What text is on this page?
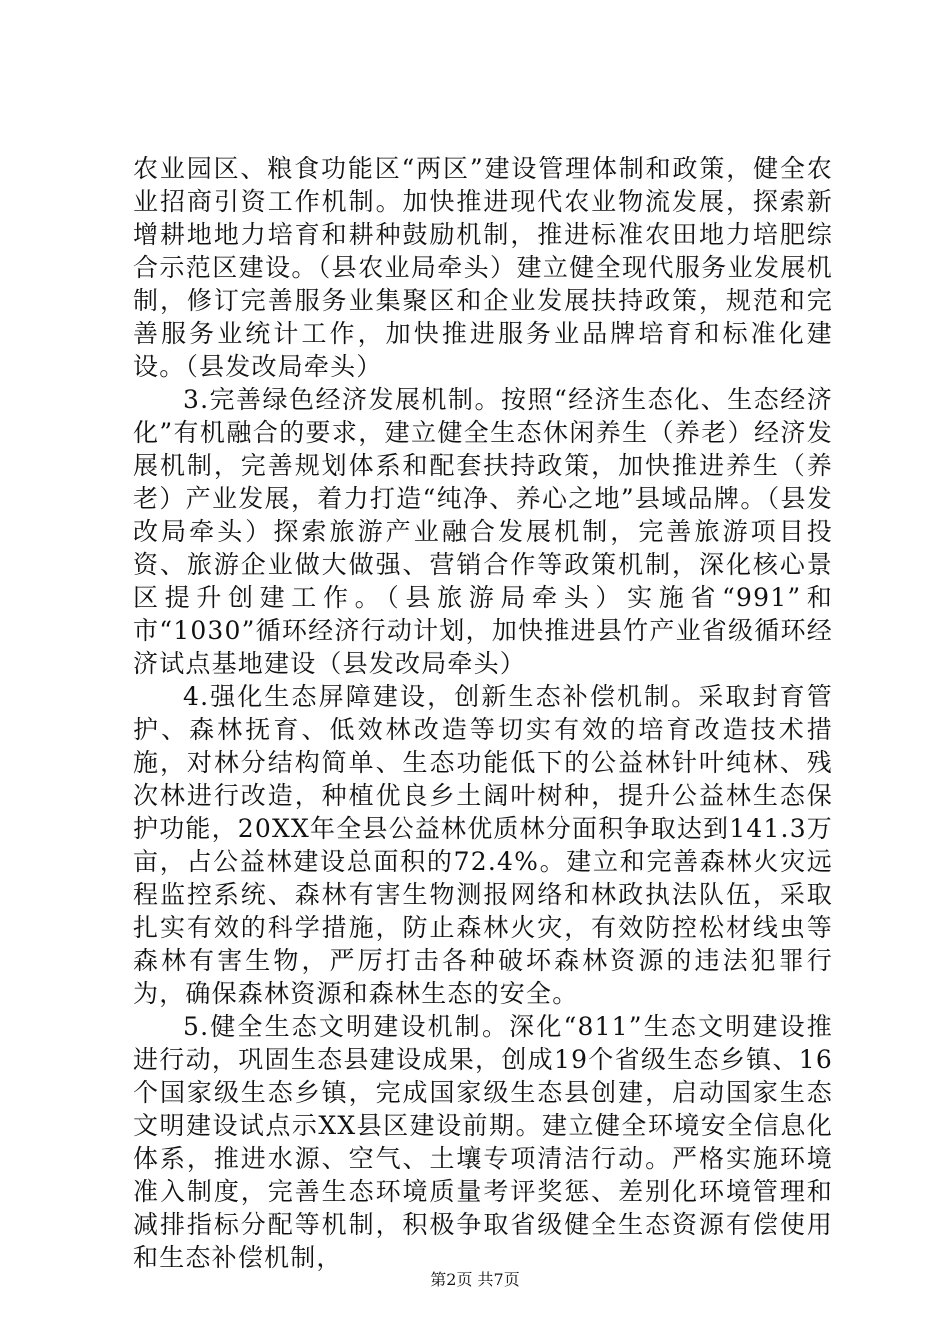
农业园区、粮食功能区“两区”建设管理体制和政策，健全农业招商引资工作机制。加快推进现代农业物流发展，探索新增耕地地力培育和耕种鼓励机制，推进标准农田地力培肥综合示范区建设。（县农业局牵头）建立健全现代服务业发展机制，修订完善服务业集聚区和企业发展扶持政策，规范和完善服务业统计工作，加快推进服务业品牌培育和标准化建设。（县发改局牵头）

3.完善绿色经济发展机制。按照“经济生态化、生态经济化”有机融合的要求，建立健全生态休闲养生（养老）经济发展机制，完善规划体系和配套扶持政策，加快推进养生（养老）产业发展，着力打造“纯净、养心之地”县域品牌。（县发改局牵头）探索旅游产业融合发展机制，完善旅游项目投资、旅游企业做大做强、营销合作等政策机制，深化核心景区提升创建工作。（县旅游局牵头）实施省“991”和市“1030”循环经济行动计划，加快推进县竹产业省级循环经济试点基地建设（县发改局牵头）

4.强化生态屏障建设，创新生态补偿机制。采取封育管护、森林抚育、低效林改造等切实有效的培育改造技术措施，对林分结构简单、生态功能低下的公益林针叶纯林、残次林进行改造，种植优良乡土阔叶树种，提升公益林生态保护功能，20XX年全县公益林优质林分面积争取达到141.3万亩，占公益林建设总面积的72.4%。建立和完善森林火灾远程监控系统、森林有害生物测报网络和林政执法队伍，采取扎实有效的科学措施，防止森林火灾，有效防控松材线虫等森林有害生物，严厉打击各种破坏森林资源的违法犯罪行为，确保森林资源和森林生态的安全。

5.健全生态文明建设机制。深化“811”生态文明建设推进行动，巩固生态县建设成果，创成19个省级生态乡镇、16个国家级生态乡镇，完成国家级生态县创建，启动国家生态文明建设试点示XX县区建设前期。建立健全环境安全信息化体系，推进水源、空气、土壤专项清洁行动。严格实施环境准入制度，完善生态环境质量考评奖惩、差别化环境管理和减排指标分配等机制，积极争取省级健全生态资源有偿使用和生态补偿机制，

第2页 共7页
